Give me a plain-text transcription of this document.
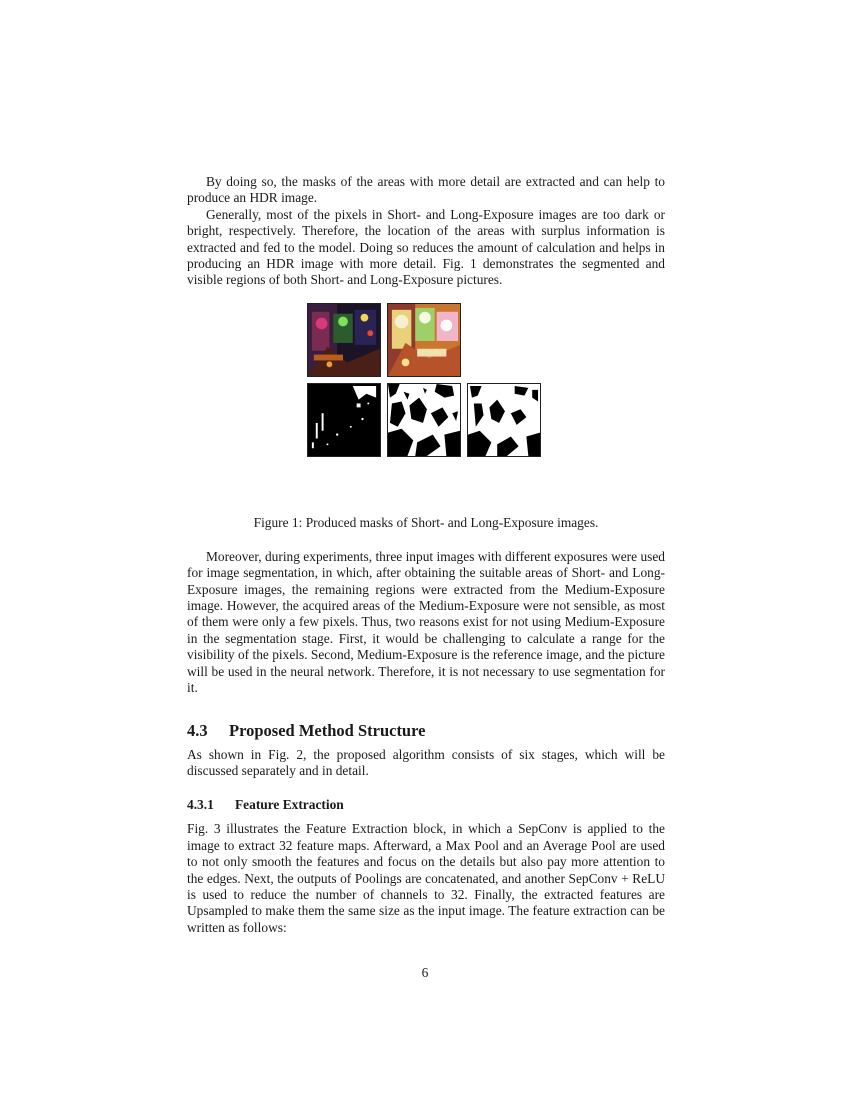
By doing so, the masks of the areas with more detail are extracted and can help to produce an HDR image.

Generally, most of the pixels in Short- and Long-Exposure images are too dark or bright, respectively. Therefore, the location of the areas with surplus information is extracted and fed to the model. Doing so reduces the amount of calculation and helps in producing an HDR image with more detail. Fig. 1 demonstrates the segmented and visible regions of both Short- and Long-Exposure pictures.

Figure 1: Produced masks of Short- and Long-Exposure images.

Moreover, during experiments, three input images with different exposures were used for image segmentation, in which, after obtaining the suitable areas of Short- and Long-Exposure images, the remaining regions were extracted from the Medium-Exposure image. However, the acquired areas of the Medium-Exposure were not sensible, as most of them were only a few pixels. Thus, two reasons exist for not using Medium-Exposure in the segmentation stage. First, it would be challenging to calculate a range for the visibility of the pixels. Second, Medium-Exposure is the reference image, and the picture will be used in the neural network. Therefore, it is not necessary to use segmentation for it.

4.3 Proposed Method Structure

As shown in Fig. 2, the proposed algorithm consists of six stages, which will be discussed separately and in detail.

4.3.1 Feature Extraction

Fig. 3 illustrates the Feature Extraction block, in which a SepConv is applied to the image to extract 32 feature maps. Afterward, a Max Pool and an Average Pool are used to not only smooth the features and focus on the details but also pay more attention to the edges. Next, the outputs of Poolings are concatenated, and another SepConv + ReLU is used to reduce the number of channels to 32. Finally, the extracted features are Upsampled to make them the same size as the input image. The feature extraction can be written as follows:

6
